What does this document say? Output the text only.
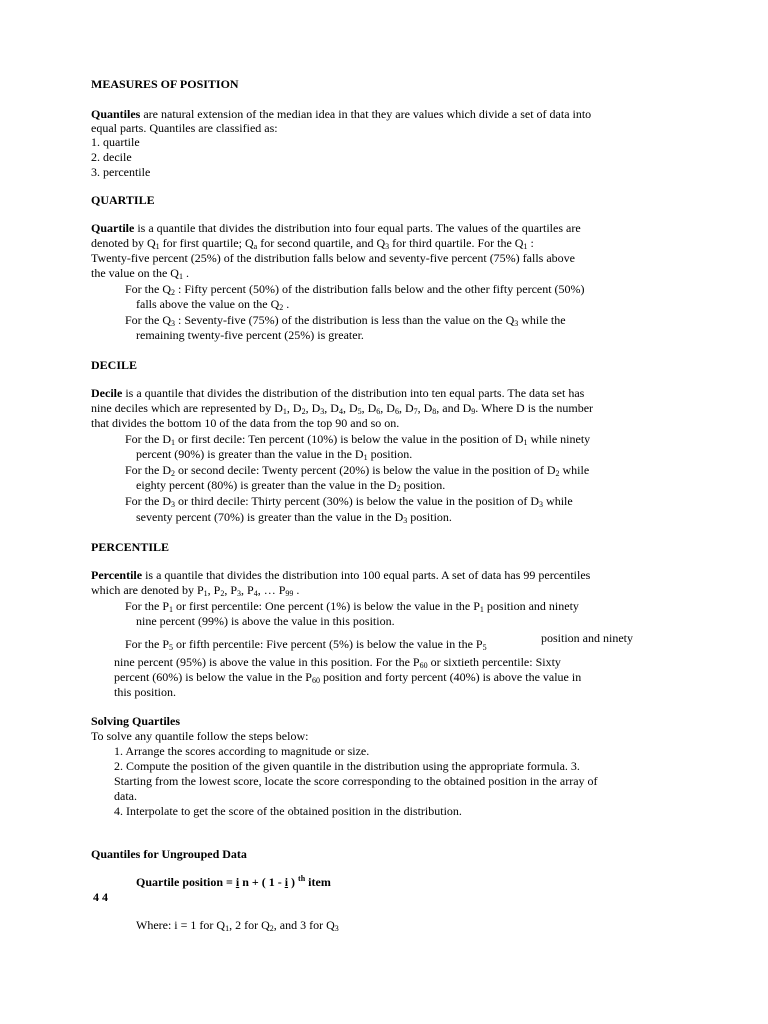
MEASURES OF POSITION
Quantiles are natural extension of the median idea in that they are values which divide a set of data into
equal parts. Quantiles are classified as:
1. quartile
2. decile
3. percentile
QUARTILE
Quartile is a quantile that divides the distribution into four equal parts. The values of the quartiles are
denoted by $Q_1$ for first quartile; $Q_a$ for second quartile, and $Q_3$ for third quartile. For the $Q_1$ :
Twenty-five percent (25%) of the distribution falls below and seventy-five percent (75%) falls above
the value on the $Q_1$ .
For the $Q_2$ : Fifty percent (50%) of the distribution falls below and the other fifty percent (50%)
falls above the value on the $Q_2$ .
For the $Q_3$ : Seventy-five (75%) of the distribution is less than the value on the $Q_3$ while the
remaining twenty-five percent (25%) is greater.
DECILE
Decile is a quantile that divides the distribution of the distribution into ten equal parts. The data set has
nine deciles which are represented by $D_1$, $D_2$, $D_3$, $D_4$, $D_5$, $D_6$, $D_6$, $D_7$, $D_8$, and $D_9$. Where D is the number
that divides the bottom 10 of the data from the top 90 and so on.
For the $D_1$ or first decile: Ten percent (10%) is below the value in the position of $D_1$ while ninety
percent (90%) is greater than the value in the $D_1$ position.
For the $D_2$ or second decile: Twenty percent (20%) is below the value in the position of $D_2$ while
eighty percent (80%) is greater than the value in the $D_2$ position.
For the $D_3$ or third decile: Thirty percent (30%) is below the value in the position of $D_3$ while
seventy percent (70%) is greater than the value in the $D_3$ position.
PERCENTILE
Percentile is a quantile that divides the distribution into 100 equal parts. A set of data has 99 percentiles
which are denoted by $P_1$, $P_2$, $P_3$, $P_4$, … $P_{99}$ .
For the $P_1$ or first percentile: One percent (1%) is below the value in the $P_1$ position and ninety
nine percent (99%) is above the value in this position.
For the $P_5$ or fifth percentile: Five percent (5%) is below the value in the $P_5$
position and ninety
nine percent (95%) is above the value in this position. For the $P_{60}$ or sixtieth percentile: Sixty
percent (60%) is below the value in the $P_{60}$ position and forty percent (40%) is above the value in
this position.
Solving Quartiles
To solve any quantile follow the steps below:
1. Arrange the scores according to magnitude or size.
2. Compute the position of the given quantile in the distribution using the appropriate formula. 3.
Starting from the lowest score, locate the score corresponding to the obtained position in the array of
data.
4. Interpolate to get the score of the obtained position in the distribution.
Quantiles for Ungrouped Data
Quartile position = i n + ( 1 - i ) $^{th}$ item
4 4
Where: i = 1 for $Q_1$, 2 for $Q_2$, and 3 for $Q_3$
